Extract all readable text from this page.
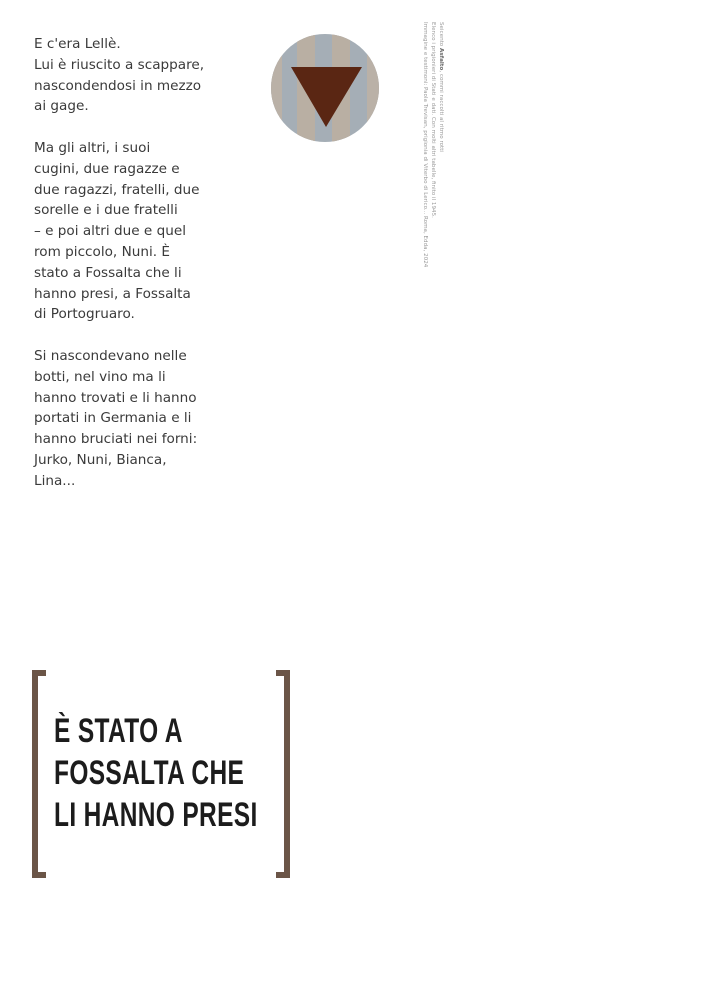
E c'era Lellè.
Lui è riuscito a scappare,
nascondendosi in mezzo
ai gage.

Ma gli altri, i suoi
cugini, due ragazze e
due ragazzi, fratelli, due
sorelle e i due fratelli
– e poi altri due e quel
rom piccolo, Nuni. È
stato a Fossalta che li
hanno presi, a Fossalta
di Portogruaro.

Si nascondevano nelle
botti, nel vino ma li
hanno trovati e li hanno
portati in Germania e li
hanno bruciati nei forni:
Jurko, Nuni, Bianca,
Lina...

Seicento Asfalto, commi raccolti al ritmo rotti
Elenco i prigionieri di Stati e dati. Con molti altri tabelle, finito il 1945.
Immagine e testimoni: Paola Trevisan, prigionia di Viterbo di Lerico... Roma, Edda, 2024
È STATO A
FOSSALTA CHE
LI HANNO PRESI
